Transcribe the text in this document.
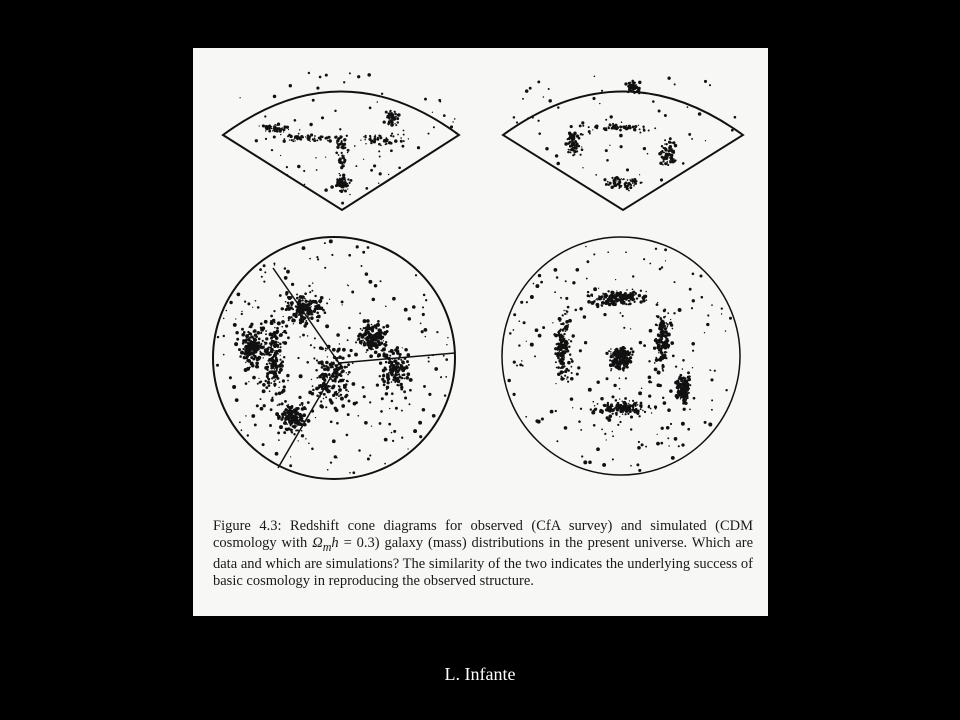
Figure 4.3: Redshift cone diagrams for observed (CfA survey) and simulated (CDM cosmology with $\Omega_mh = 0.3$) galaxy (mass) distributions in the present universe. Which are data and which are simulations? The similarity of the two indicates the underlying success of basic cosmology in reproducing the observed structure.
L. Infante
